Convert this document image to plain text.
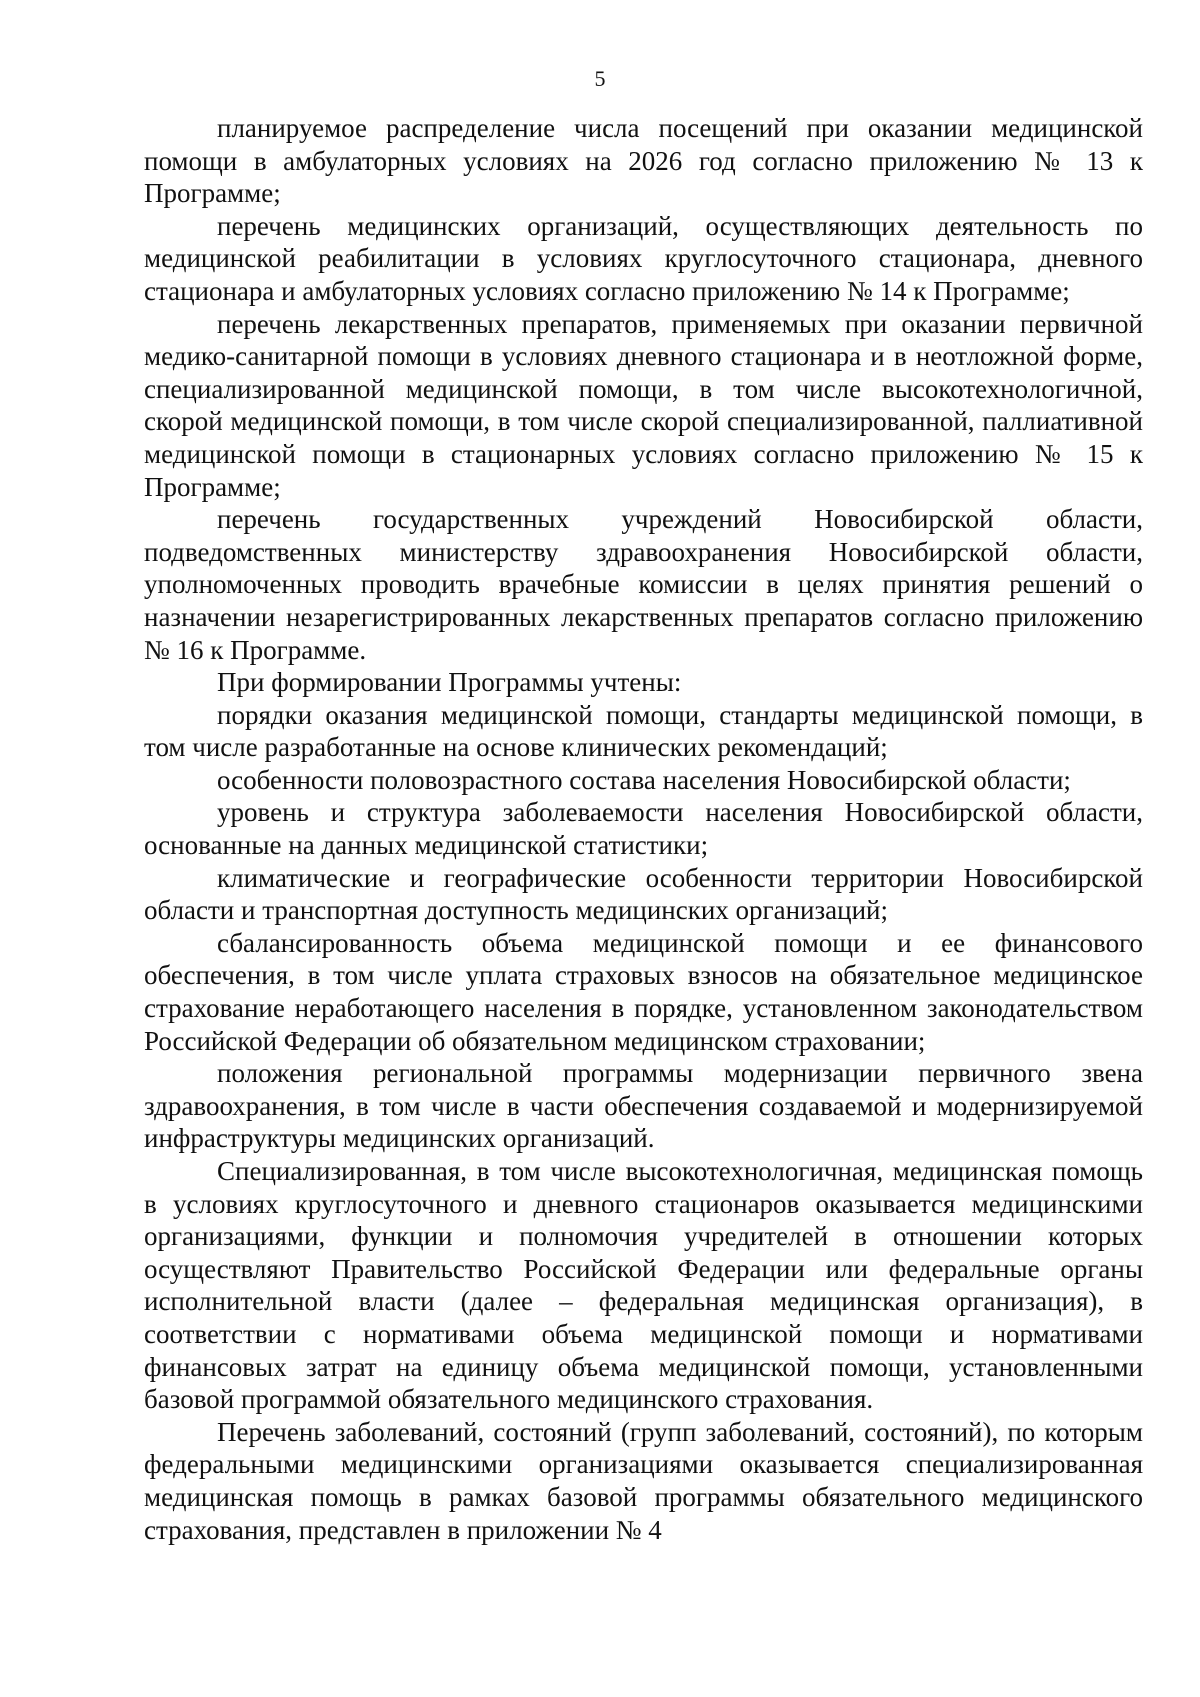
5

планируемое распределение числа посещений при оказании медицинской помощи в амбулаторных условиях на 2026 год согласно приложению № 13 к Программе;

перечень медицинских организаций, осуществляющих деятельность по медицинской реабилитации в условиях круглосуточного стационара, дневного стационара и амбулаторных условиях согласно приложению № 14 к Программе;

перечень лекарственных препаратов, применяемых при оказании первичной медико-санитарной помощи в условиях дневного стационара и в неотложной форме, специализированной медицинской помощи, в том числе высокотехнологичной, скорой медицинской помощи, в том числе скорой специализированной, паллиативной медицинской помощи в стационарных условиях согласно приложению № 15 к Программе;

перечень государственных учреждений Новосибирской области, подведомственных министерству здравоохранения Новосибирской области, уполномоченных проводить врачебные комиссии в целях принятия решений о назначении незарегистрированных лекарственных препаратов согласно приложению № 16 к Программе.

При формировании Программы учтены:

порядки оказания медицинской помощи, стандарты медицинской помощи, в том числе разработанные на основе клинических рекомендаций;

особенности половозрастного состава населения Новосибирской области;

уровень и структура заболеваемости населения Новосибирской области, основанные на данных медицинской статистики;

климатические и географические особенности территории Новосибирской области и транспортная доступность медицинских организаций;

сбалансированность объема медицинской помощи и ее финансового обеспечения, в том числе уплата страховых взносов на обязательное медицинское страхование неработающего населения в порядке, установленном законодательством Российской Федерации об обязательном медицинском страховании;

положения региональной программы модернизации первичного звена здравоохранения, в том числе в части обеспечения создаваемой и модернизируемой инфраструктуры медицинских организаций.

Специализированная, в том числе высокотехнологичная, медицинская помощь в условиях круглосуточного и дневного стационаров оказывается медицинскими организациями, функции и полномочия учредителей в отношении которых осуществляют Правительство Российской Федерации или федеральные органы исполнительной власти (далее – федеральная медицинская организация), в соответствии с нормативами объема медицинской помощи и нормативами финансовых затрат на единицу объема медицинской помощи, установленными базовой программой обязательного медицинского страхования.

Перечень заболеваний, состояний (групп заболеваний, состояний), по которым федеральными медицинскими организациями оказывается специализированная медицинская помощь в рамках базовой программы обязательного медицинского страхования, представлен в приложении № 4
